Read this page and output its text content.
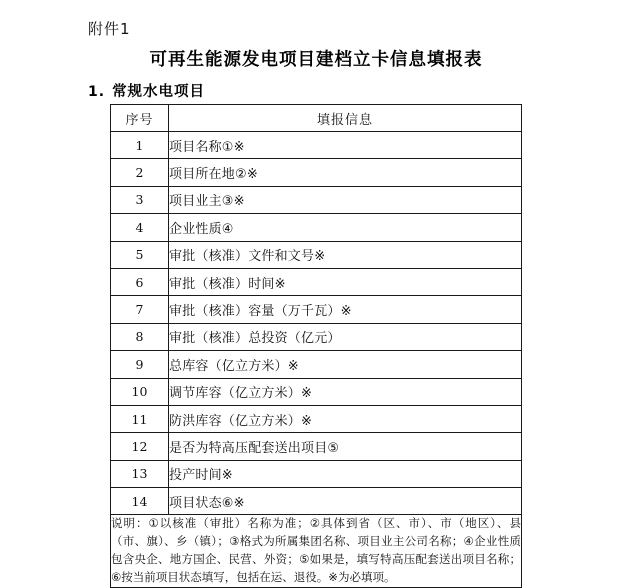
附件1
可再生能源发电项目建档立卡信息填报表
1. 常规水电项目
序号	填报信息
1	项目名称①※
2	项目所在地②※
3	项目业主③※
4	企业性质④
5	审批（核准）文件和文号※
6	审批（核准）时间※
7	审批（核准）容量（万千瓦）※
8	审批（核准）总投资（亿元）
9	总库容（亿立方米）※
10	调节库容（亿立方米）※
11	防洪库容（亿立方米）※
12	是否为特高压配套送出项目⑤
13	投产时间※
14	项目状态⑥※
说明：①以核准（审批）名称为准；②具体到省（区、市）、市（地区）、县（市、旗）、乡（镇）；③格式为所属集团名称、项目业主公司名称；④企业性质包含央企、地方国企、民营、外资；⑤如果是，填写特高压配套送出项目名称；⑥按当前项目状态填写，包括在运、退役。※为必填项。	
